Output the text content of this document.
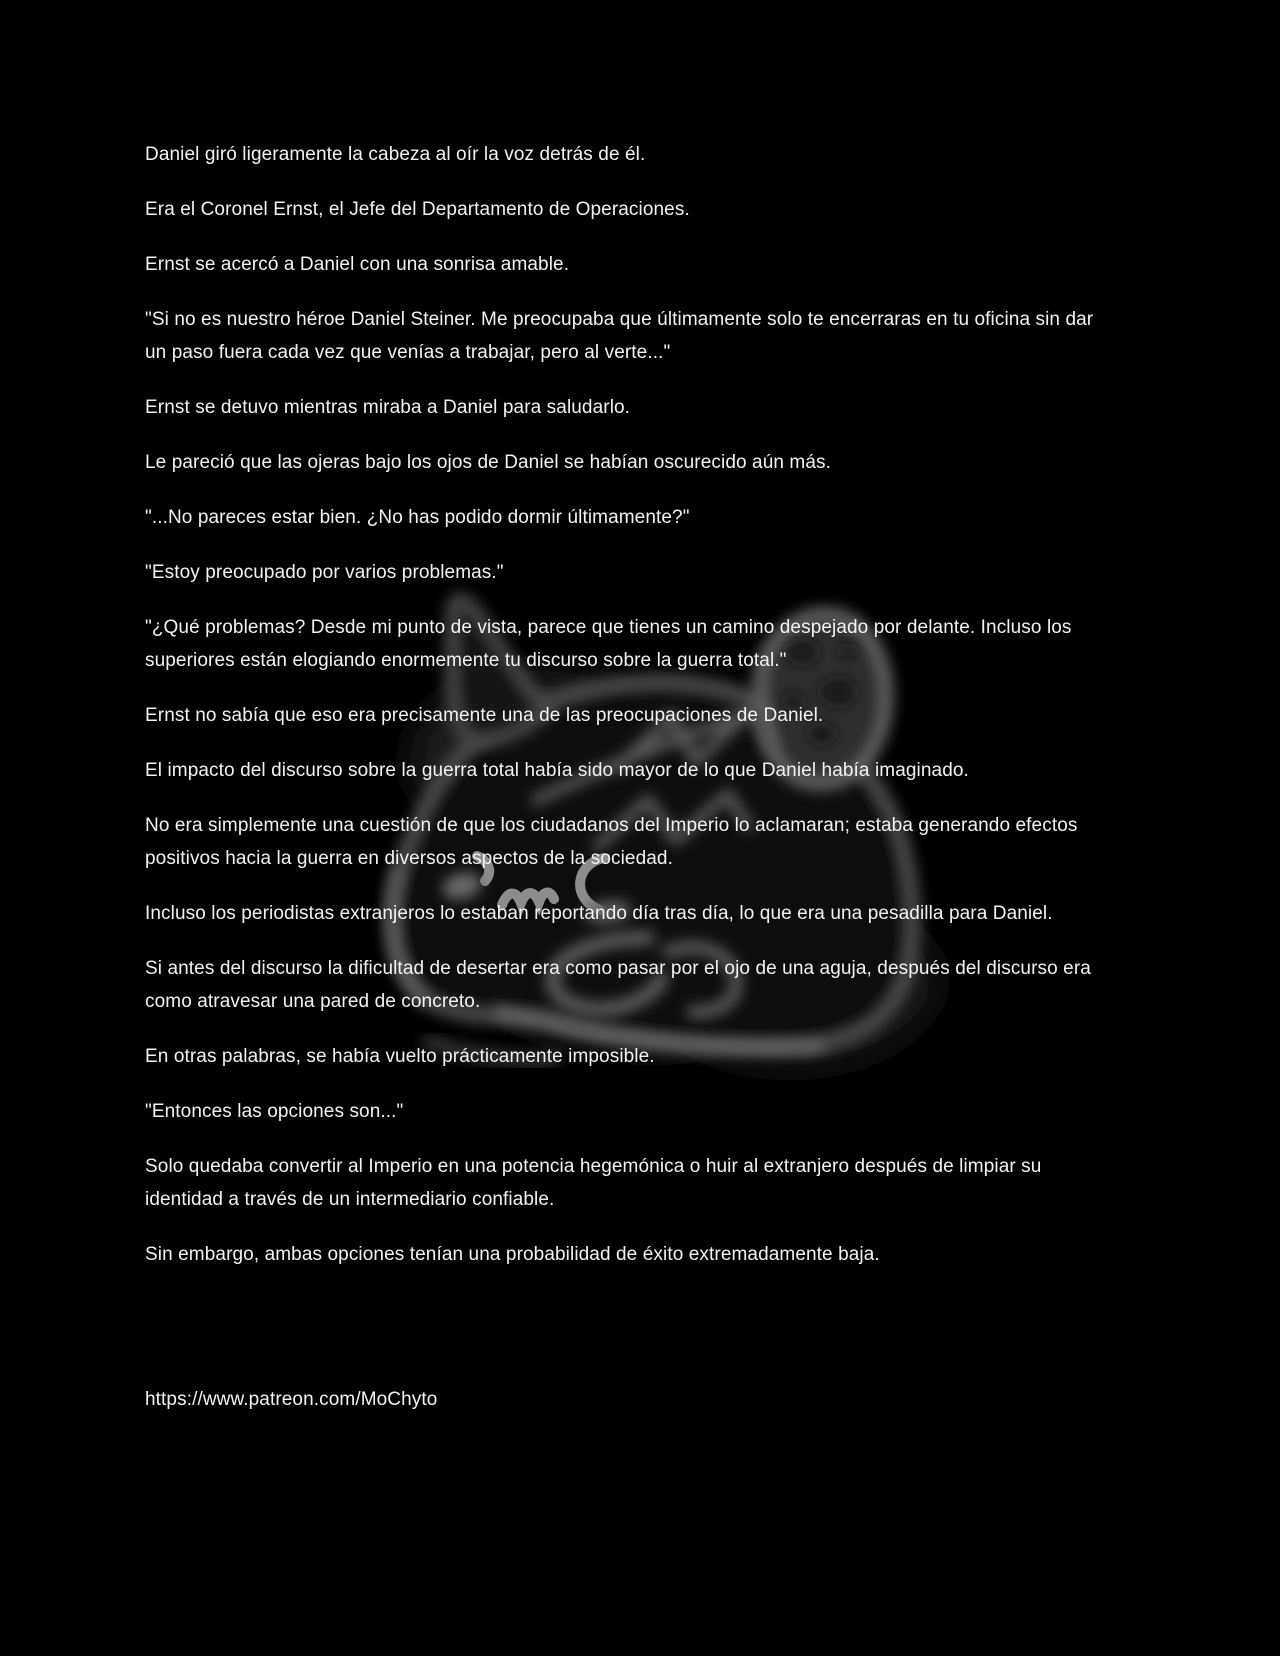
Daniel giró ligeramente la cabeza al oír la voz detrás de él.

Era el Coronel Ernst, el Jefe del Departamento de Operaciones.

Ernst se acercó a Daniel con una sonrisa amable.

"Si no es nuestro héroe Daniel Steiner. Me preocupaba que últimamente solo te encerraras en tu oficina sin dar un paso fuera cada vez que venías a trabajar, pero al verte..."

Ernst se detuvo mientras miraba a Daniel para saludarlo.

Le pareció que las ojeras bajo los ojos de Daniel se habían oscurecido aún más.

"...No pareces estar bien. ¿No has podido dormir últimamente?"

"Estoy preocupado por varios problemas."

"¿Qué problemas? Desde mi punto de vista, parece que tienes un camino despejado por delante. Incluso los superiores están elogiando enormemente tu discurso sobre la guerra total."

Ernst no sabía que eso era precisamente una de las preocupaciones de Daniel.

El impacto del discurso sobre la guerra total había sido mayor de lo que Daniel había imaginado.

No era simplemente una cuestión de que los ciudadanos del Imperio lo aclamaran; estaba generando efectos positivos hacia la guerra en diversos aspectos de la sociedad.

Incluso los periodistas extranjeros lo estaban reportando día tras día, lo que era una pesadilla para Daniel.

Si antes del discurso la dificultad de desertar era como pasar por el ojo de una aguja, después del discurso era como atravesar una pared de concreto.

En otras palabras, se había vuelto prácticamente imposible.

"Entonces las opciones son..."

Solo quedaba convertir al Imperio en una potencia hegemónica o huir al extranjero después de limpiar su identidad a través de un intermediario confiable.

Sin embargo, ambas opciones tenían una probabilidad de éxito extremadamente baja.

https://www.patreon.com/MoChyto
